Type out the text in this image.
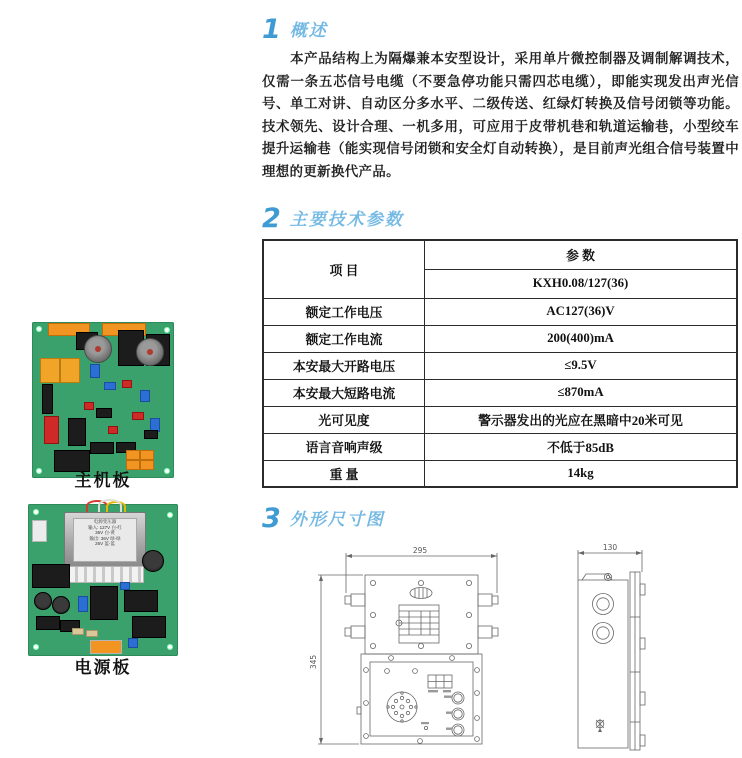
1 概述
本产品结构上为隔爆兼本安型设计，采用单片微控制器及调制解调技术，仅需一条五芯信号电缆（不要急停功能只需四芯电缆），即能实现发出声光信号、单工对讲、自动区分多水平、二级传送、红绿灯转换及信号闭锁等功能。技术领先、设计合理、一机多用，可应用于皮带机巷和轨道运输巷，小型绞车提升运输巷（能实现信号闭锁和安全灯自动转换），是目前声光组合信号装置中理想的更新换代产品。
2 主要技术参数
项 目	参 数
	KXH0.08/127(36)
额定工作电压	AC127(36)V
额定工作电流	200(400)mA
本安最大开路电压	≤9.5V
本安最大短路电流	≤870mA
光可见度	警示器发出的光应在黑暗中20米可见
语言音响声级	不低于85dB
重 量	14kg
3 外形尺寸图
295
345
130
主机板
电源变压器
输入: 127V 白-红
36V 白-黄
输出: 36V 绿-绿
26V 蓝-蓝
电源板
